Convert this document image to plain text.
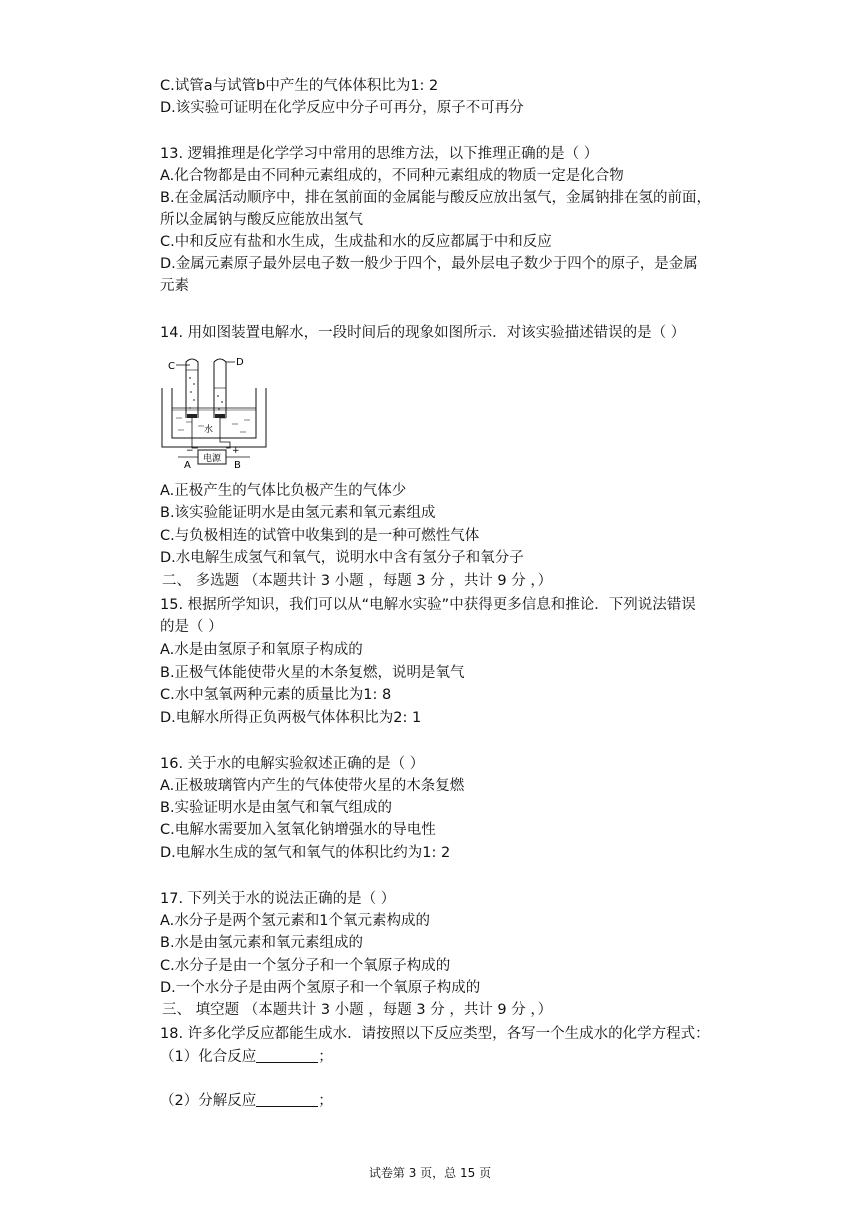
C.试管a与试管b中产生的气体体积比为1: 2
D.该实验可证明在化学反应中分子可再分，原子不可再分
13. 逻辑推理是化学学习中常用的思维方法，以下推理正确的是（ ）
A.化合物都是由不同种元素组成的，不同种元素组成的物质一定是化合物
B.在金属活动顺序中，排在氢前面的金属能与酸反应放出氢气，金属钠排在氢的前面，
所以金属钠与酸反应能放出氢气
C.中和反应有盐和水生成，生成盐和水的反应都属于中和反应
D.金属元素原子最外层电子数一般少于四个，最外层电子数少于四个的原子，是金属
元素
14. 用如图装置电解水，一段时间后的现象如图所示．对该实验描述错误的是（ ）
C	D
水
电源
−	+
A	B
A.正极产生的气体比负极产生的气体少
B.该实验能证明水是由氢元素和氧元素组成
C.与负极相连的试管中收集到的是一种可燃性气体
D.水电解生成氢气和氧气，说明水中含有氢分子和氧分子
二、 多选题 （本题共计 3 小题 ，每题 3 分 ，共计 9 分 ，）
15. 根据所学知识，我们可以从“电解水实验”中获得更多信息和推论．下列说法错误
的是（ ）
A.水是由氢原子和氧原子构成的
B.正极气体能使带火星的木条复燃，说明是氧气
C.水中氢氧两种元素的质量比为1: 8
D.电解水所得正负两极气体体积比为2: 1
16. 关于水的电解实验叙述正确的是（ ）
A.正极玻璃管内产生的气体使带火星的木条复燃
B.实验证明水是由氢气和氧气组成的
C.电解水需要加入氢氧化钠增强水的导电性
D.电解水生成的氢气和氧气的体积比约为1: 2
17. 下列关于水的说法正确的是（ ）
A.水分子是两个氢元素和1个氧元素构成的
B.水是由氢元素和氧元素组成的
C.水分子是由一个氢分子和一个氧原子构成的
D.一个水分子是由两个氢原子和一个氧原子构成的
三、 填空题 （本题共计 3 小题 ，每题 3 分 ，共计 9 分 ，）
18. 许多化学反应都能生成水．请按照以下反应类型，各写一个生成水的化学方程式：
（1）化合反应	；
（2）分解反应	；
试卷第 3 页，总 15 页
